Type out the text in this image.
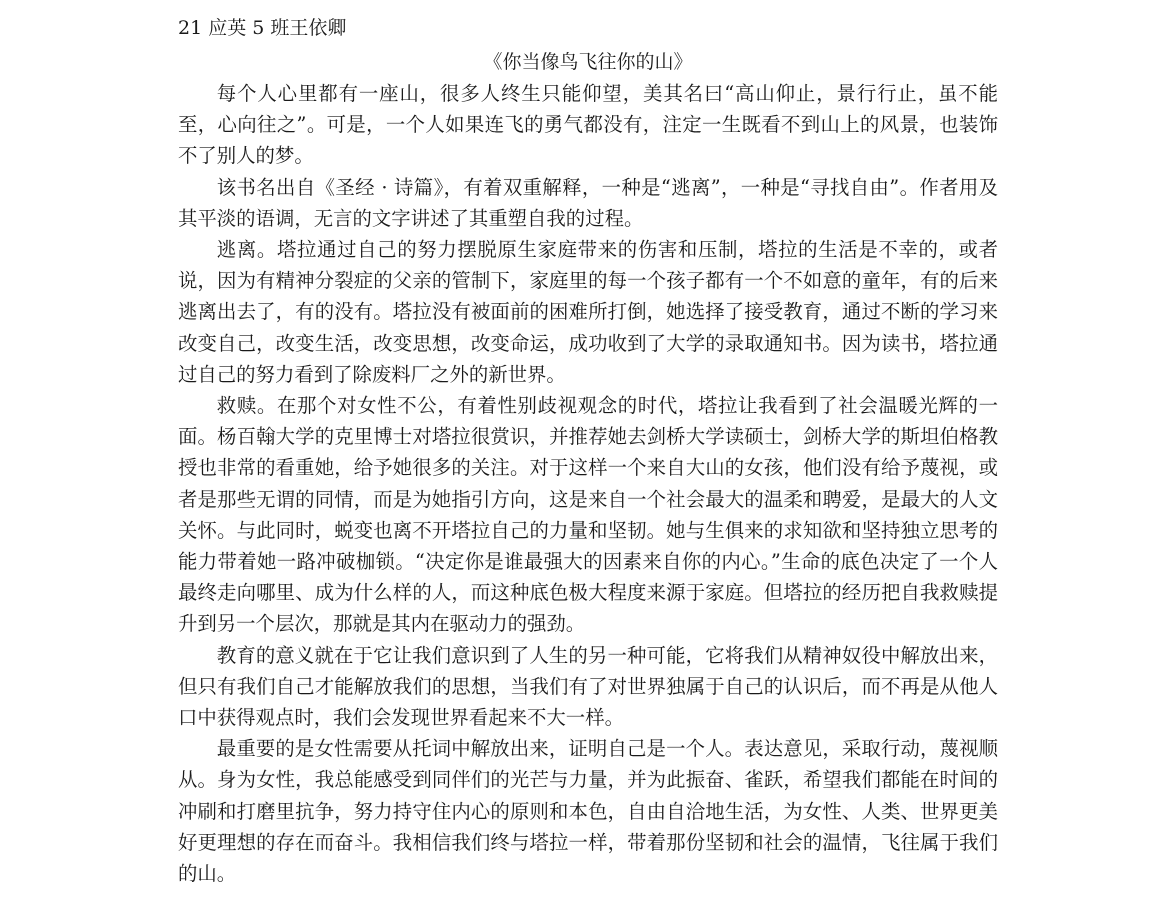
21 应英 5 班王依卿
《你当像鸟飞往你的山》

每个人心里都有一座山，很多人终生只能仰望，美其名曰“高山仰止，景行行止，虽不能至，心向往之”。可是，一个人如果连飞的勇气都没有，注定一生既看不到山上的风景，也装饰不了别人的梦。

该书名出自《圣经 · 诗篇》，有着双重解释，一种是“逃离”，一种是“寻找自由”。作者用及其平淡的语调，无言的文字讲述了其重塑自我的过程。

逃离。塔拉通过自己的努力摆脱原生家庭带来的伤害和压制，塔拉的生活是不幸的，或者说，因为有精神分裂症的父亲的管制下，家庭里的每一个孩子都有一个不如意的童年，有的后来逃离出去了，有的没有。塔拉没有被面前的困难所打倒，她选择了接受教育，通过不断的学习来改变自己，改变生活，改变思想，改变命运，成功收到了大学的录取通知书。因为读书，塔拉通过自己的努力看到了除废料厂之外的新世界。

救赎。在那个对女性不公，有着性别歧视观念的时代，塔拉让我看到了社会温暖光辉的一面。杨百翰大学的克里博士对塔拉很赏识，并推荐她去剑桥大学读硕士，剑桥大学的斯坦伯格教授也非常的看重她，给予她很多的关注。对于这样一个来自大山的女孩，他们没有给予蔑视，或者是那些无谓的同情，而是为她指引方向，这是来自一个社会最大的温柔和聘爱，是最大的人文关怀。与此同时，蜕变也离不开塔拉自己的力量和坚韧。她与生俱来的求知欲和坚持独立思考的能力带着她一路冲破枷锁。“决定你是谁最强大的因素来自你的内心。”生命的底色决定了一个人最终走向哪里、成为什么样的人，而这种底色极大程度来源于家庭。但塔拉的经历把自我救赎提升到另一个层次，那就是其内在驱动力的强劲。

教育的意义就在于它让我们意识到了人生的另一种可能，它将我们从精神奴役中解放出来，但只有我们自己才能解放我们的思想，当我们有了对世界独属于自己的认识后，而不再是从他人口中获得观点时，我们会发现世界看起来不大一样。

最重要的是女性需要从托词中解放出来，证明自己是一个人。表达意见，采取行动，蔑视顺从。身为女性，我总能感受到同伴们的光芒与力量，并为此振奋、雀跃，希望我们都能在时间的冲刷和打磨里抗争，努力持守住内心的原则和本色，自由自洽地生活，为女性、人类、世界更美好更理想的存在而奋斗。我相信我们终与塔拉一样，带着那份坚韧和社会的温情，飞往属于我们的山。
